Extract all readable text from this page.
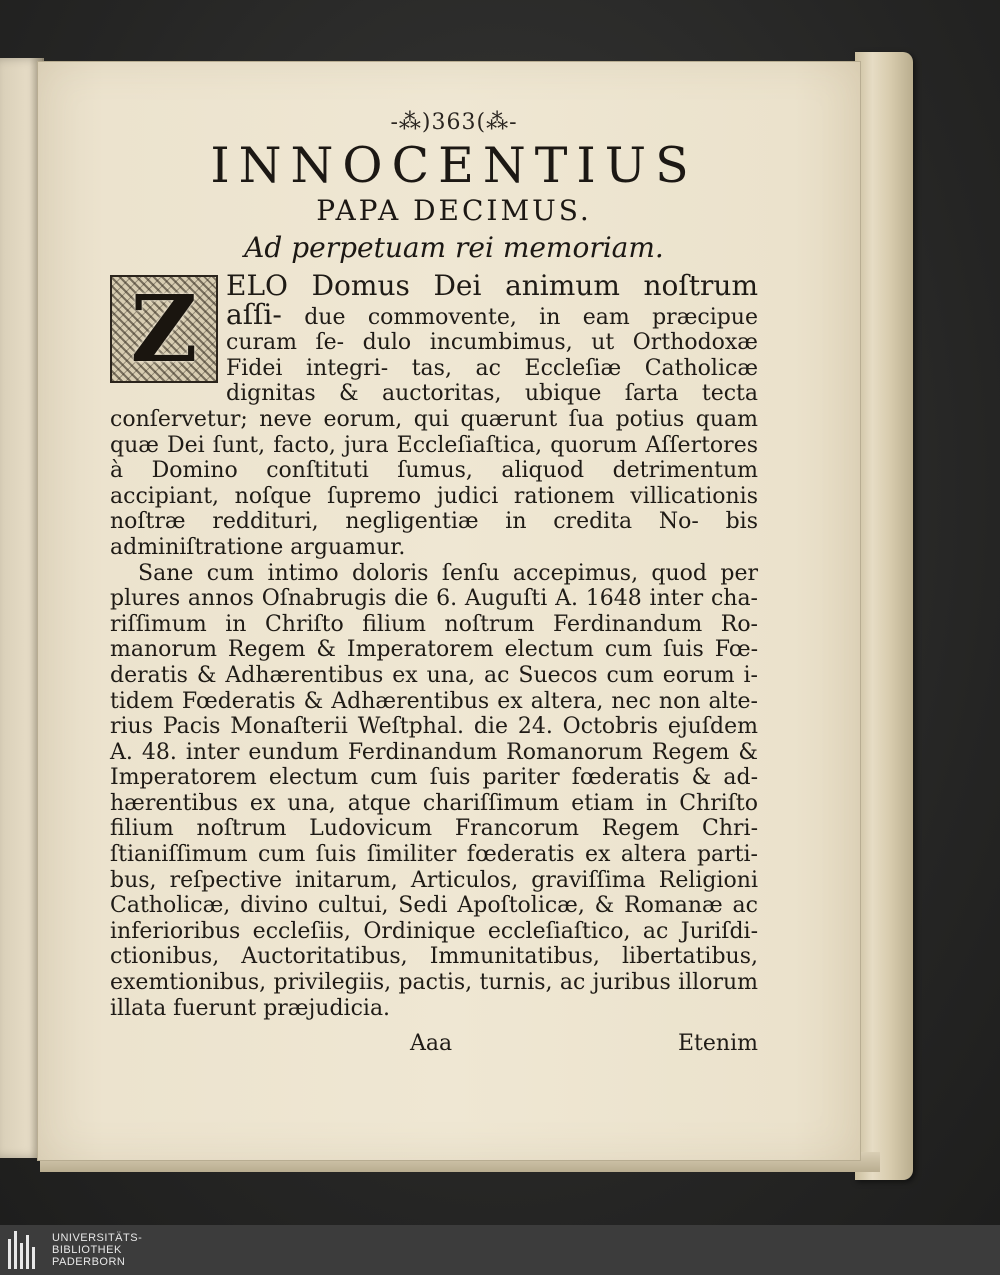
-⁂)363(⁂-
INNOCENTIUS
PAPA DECIMUS.
Ad perpetuam rei memoriam.
Z	ELO Domus Dei animum noſtrum aſſi- due commovente, in eam præcipue curam ſe- dulo incumbimus, ut Orthodoxæ Fidei integri- tas, ac Eccleſiæ Catholicæ dignitas & auctoritas, ubique ſarta tecta conſervetur; neve eorum, qui quærunt ſua potius quam quæ Dei ſunt, facto, jura Eccleſiaſtica, quorum Aſſertores à Domino conſtituti ſumus, aliquod detrimentum accipiant, noſque ſupremo judici rationem villicationis noſtræ reddituri, negligentiæ in credita No- bis adminiſtratione arguamur.

Sane cum intimo doloris ſenſu accepimus, quod per plures annos Oſnabrugis die 6. Auguſti A. 1648 inter cha- riſſimum in Chriſto filium noſtrum Ferdinandum Ro- manorum Regem & Imperatorem electum cum ſuis Fœ- deratis & Adhærentibus ex una, ac Suecos cum eorum i- tidem Fœderatis & Adhærentibus ex altera, nec non alte- rius Pacis Monaſterii Weſtphal. die 24. Octobris ejuſdem A. 48. inter eundum Ferdinandum Romanorum Regem & Imperatorem electum cum ſuis pariter fœderatis & ad- hærentibus ex una, atque chariſſimum etiam in Chriſto filium noſtrum Ludovicum Francorum Regem Chri- ſtianiſſimum cum ſuis ſimiliter fœderatis ex altera parti- bus, reſpective initarum, Articulos, graviſſima Religioni Catholicæ, divino cultui, Sedi Apoſtolicæ, & Romanæ ac inferioribus eccleſiis, Ordinique eccleſiaſtico, ac Juriſdi- ctionibus, Auctoritatibus, Immunitatibus, libertatibus, exemtionibus, privilegiis, pactis, turnis, ac juribus illorum illata fuerunt præjudicia.

Aaa	Etenim
UNIVERSITÄTS-
BIBLIOTHEK
PADERBORN
